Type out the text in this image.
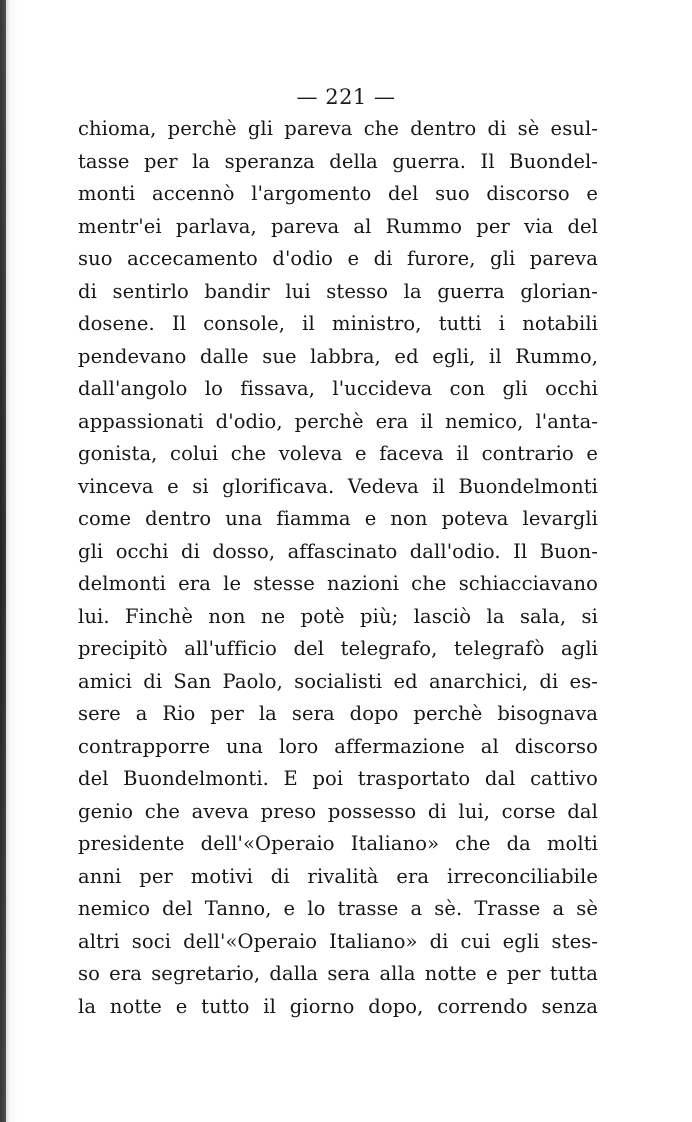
— 221 —
chioma, perchè gli pareva che dentro di sè esul-
tasse per la speranza della guerra. Il Buondel-
monti accennò l'argomento del suo discorso e
mentr'ei parlava, pareva al Rummo per via del
suo accecamento d'odio e di furore, gli pareva
di sentirlo bandir lui stesso la guerra glorian-
dosene. Il console, il ministro, tutti i notabili
pendevano dalle sue labbra, ed egli, il Rummo,
dall'angolo lo fissava, l'uccideva con gli occhi
appassionati d'odio, perchè era il nemico, l'anta-
gonista, colui che voleva e faceva il contrario e
vinceva e si glorificava. Vedeva il Buondelmonti
come dentro una fiamma e non poteva levargli
gli occhi di dosso, affascinato dall'odio. Il Buon-
delmonti era le stesse nazioni che schiacciavano
lui. Finchè non ne potè più; lasciò la sala, si
precipitò all'ufficio del telegrafo, telegrafò agli
amici di San Paolo, socialisti ed anarchici, di es-
sere a Rio per la sera dopo perchè bisognava
contrapporre una loro affermazione al discorso
del Buondelmonti. E poi trasportato dal cattivo
genio che aveva preso possesso di lui, corse dal
presidente dell'«Operaio Italiano» che da molti
anni per motivi di rivalità era irreconciliabile
nemico del Tanno, e lo trasse a sè. Trasse a sè
altri soci dell'«Operaio Italiano» di cui egli stes-
so era segretario, dalla sera alla notte e per tutta
la notte e tutto il giorno dopo, correndo senza
